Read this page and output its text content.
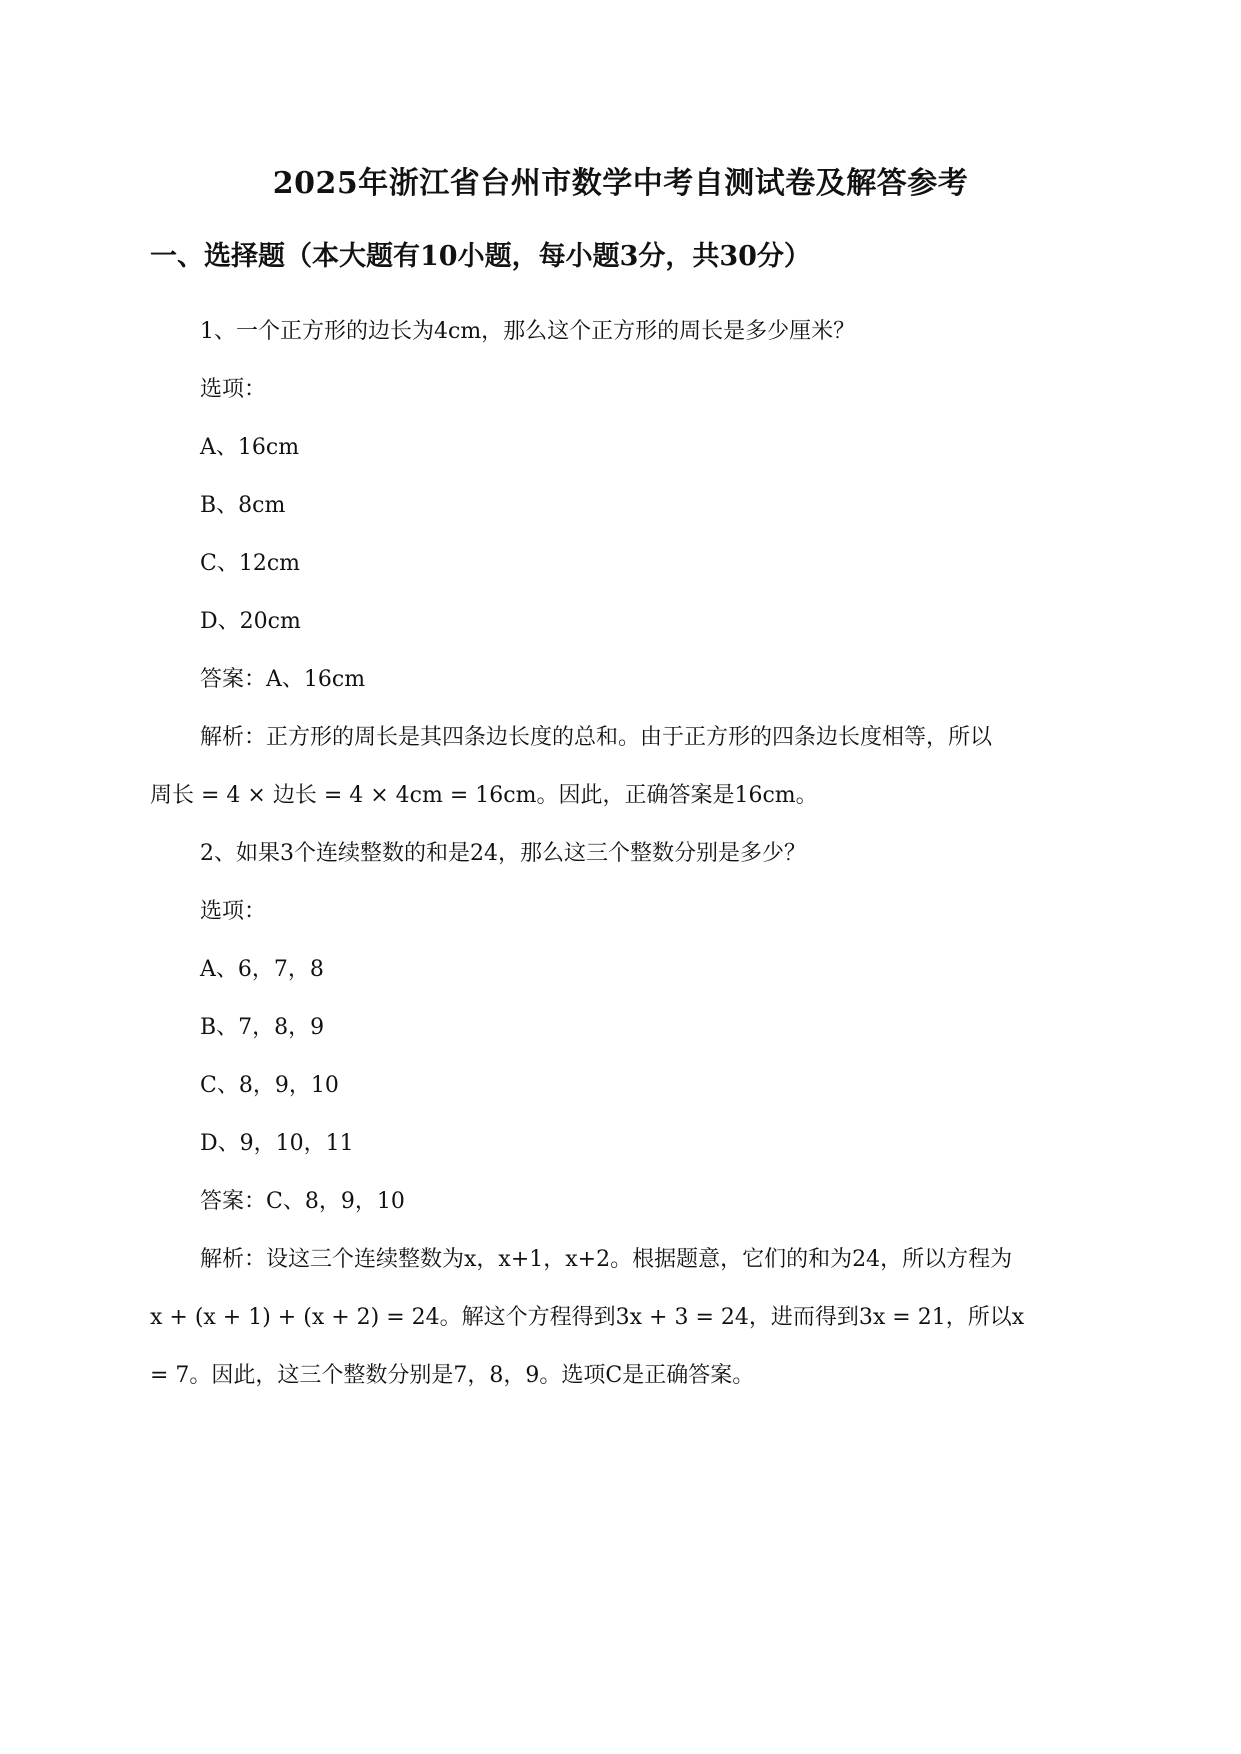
2025年浙江省台州市数学中考自测试卷及解答参考
一、选择题（本大题有10小题，每小题3分，共30分）
1、一个正方形的边长为4cm，那么这个正方形的周长是多少厘米？
选项：
A、16cm
B、8cm
C、12cm
D、20cm
答案：A、16cm
解析：正方形的周长是其四条边长度的总和。由于正方形的四条边长度相等，所以
周长 = 4 × 边长 = 4 × 4cm = 16cm。因此，正确答案是16cm。
2、如果3个连续整数的和是24，那么这三个整数分别是多少？
选项：
A、6，7，8
B、7，8，9
C、8，9，10
D、9，10，11
答案：C、8，9，10
解析：设这三个连续整数为x，x+1，x+2。根据题意，它们的和为24，所以方程为
x + (x + 1) + (x + 2) = 24。解这个方程得到3x + 3 = 24，进而得到3x = 21，所以x
= 7。因此，这三个整数分别是7，8，9。选项C是正确答案。
